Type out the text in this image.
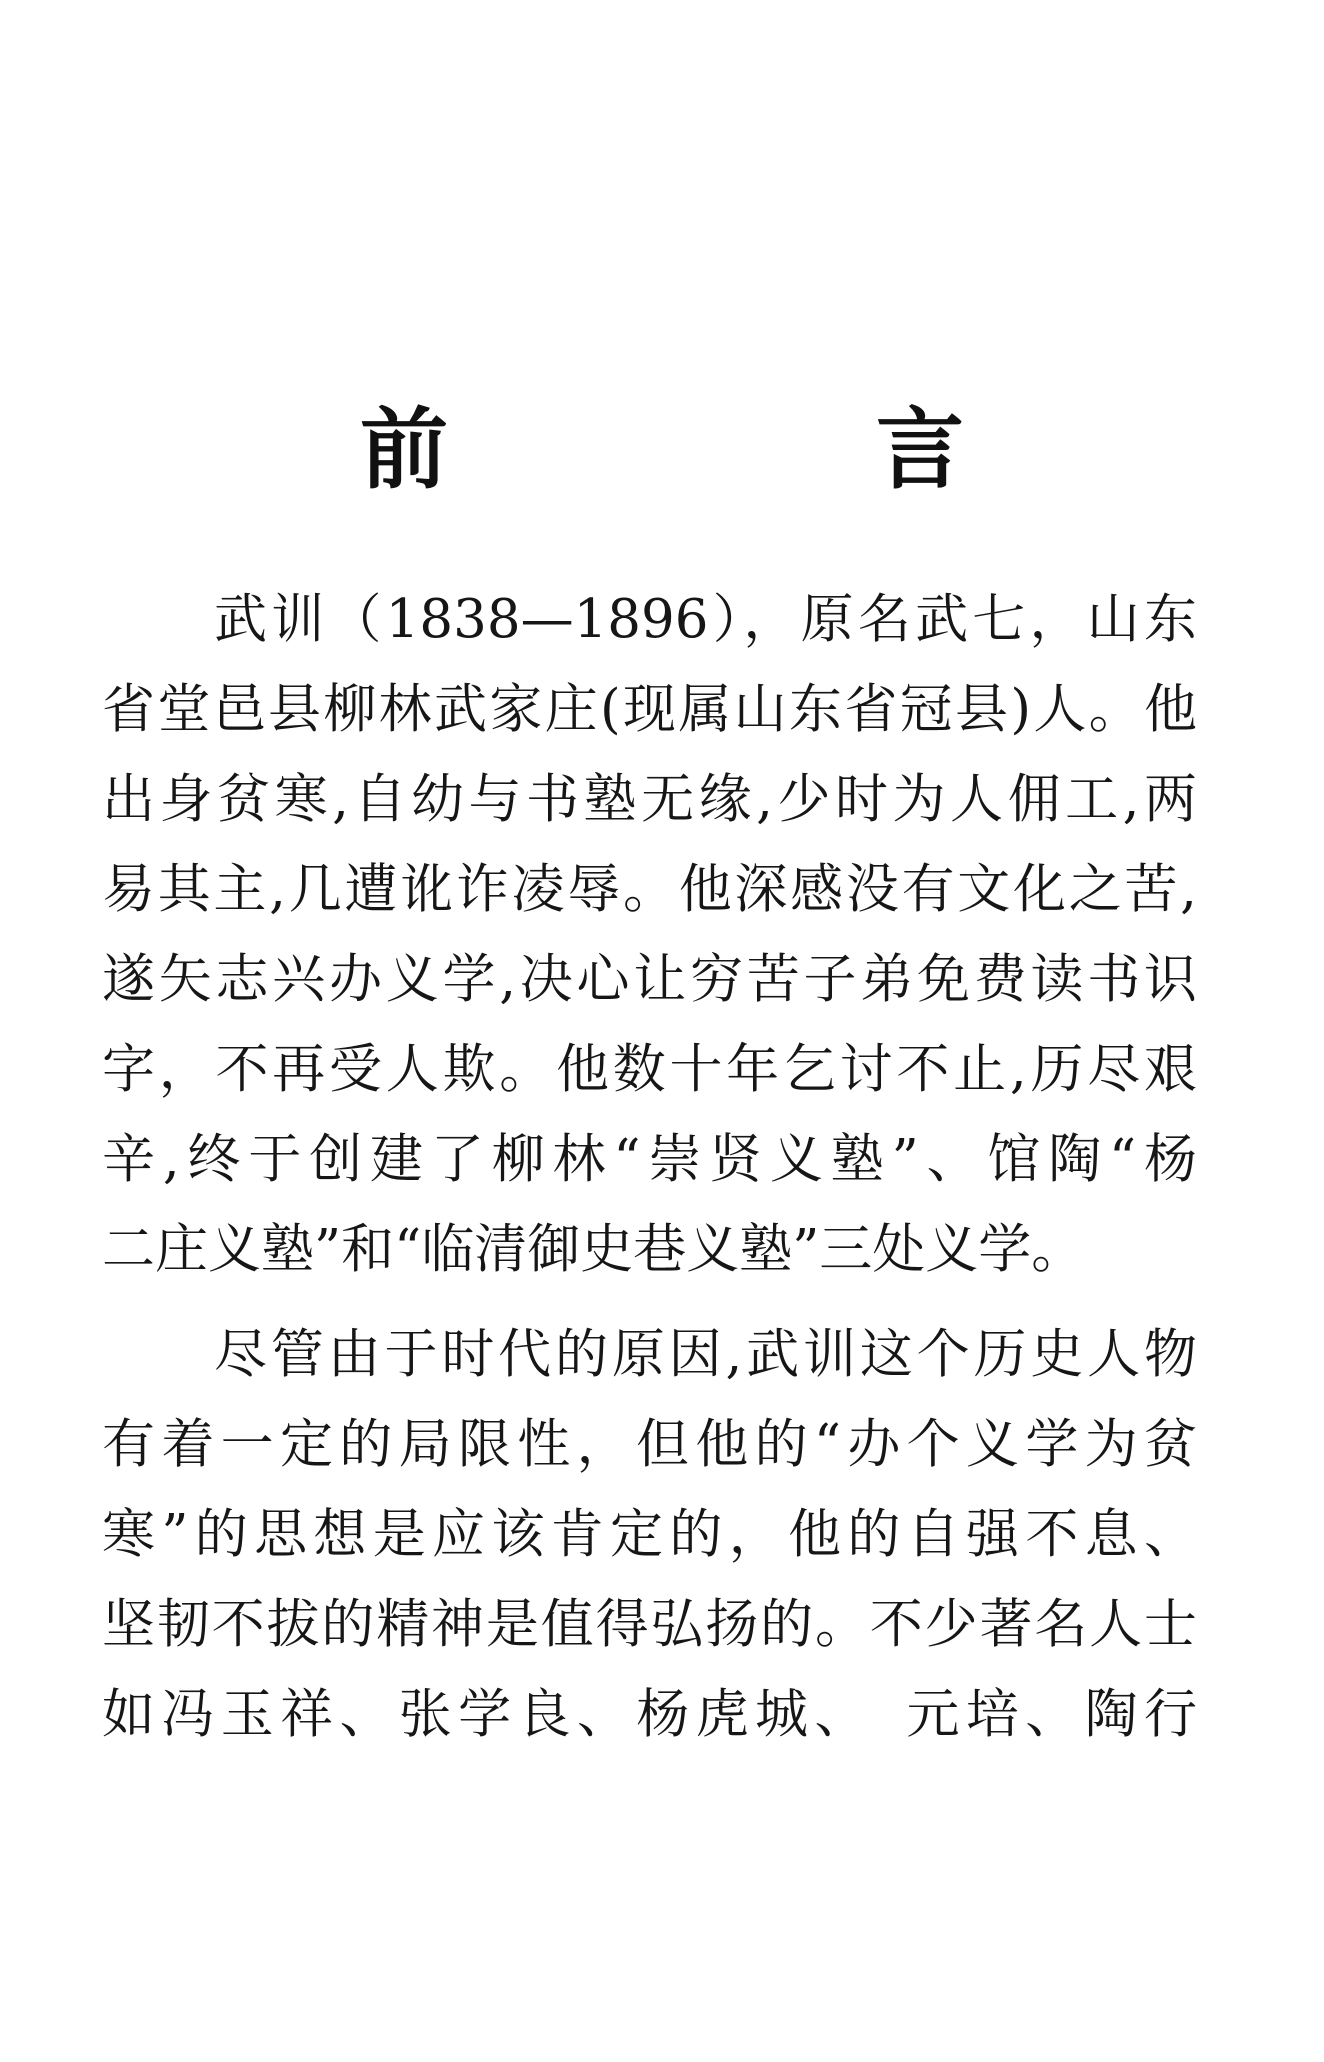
前　言
武训（1838—1896），原名武七，山东
省堂邑县柳林武家庄(现属山东省冠县)人。他
出身贫寒,自幼与书塾无缘,少时为人佣工,两
易其主,几遭讹诈凌辱。他深感没有文化之苦,
遂矢志兴办义学,决心让穷苦子弟免费读书识
字，不再受人欺。他数十年乞讨不止,历尽艰
辛,终于创建了柳林“崇贤义塾”、馆陶“杨
二庄义塾”和“临清御史巷义塾”三处义学。
尽管由于时代的原因,武训这个历史人物
有着一定的局限性，但他的“办个义学为贫
寒”的思想是应该肯定的，他的自强不息、
坚韧不拔的精神是值得弘扬的。不少著名人士
如冯玉祥、张学良、杨虎城、　元培、陶行
